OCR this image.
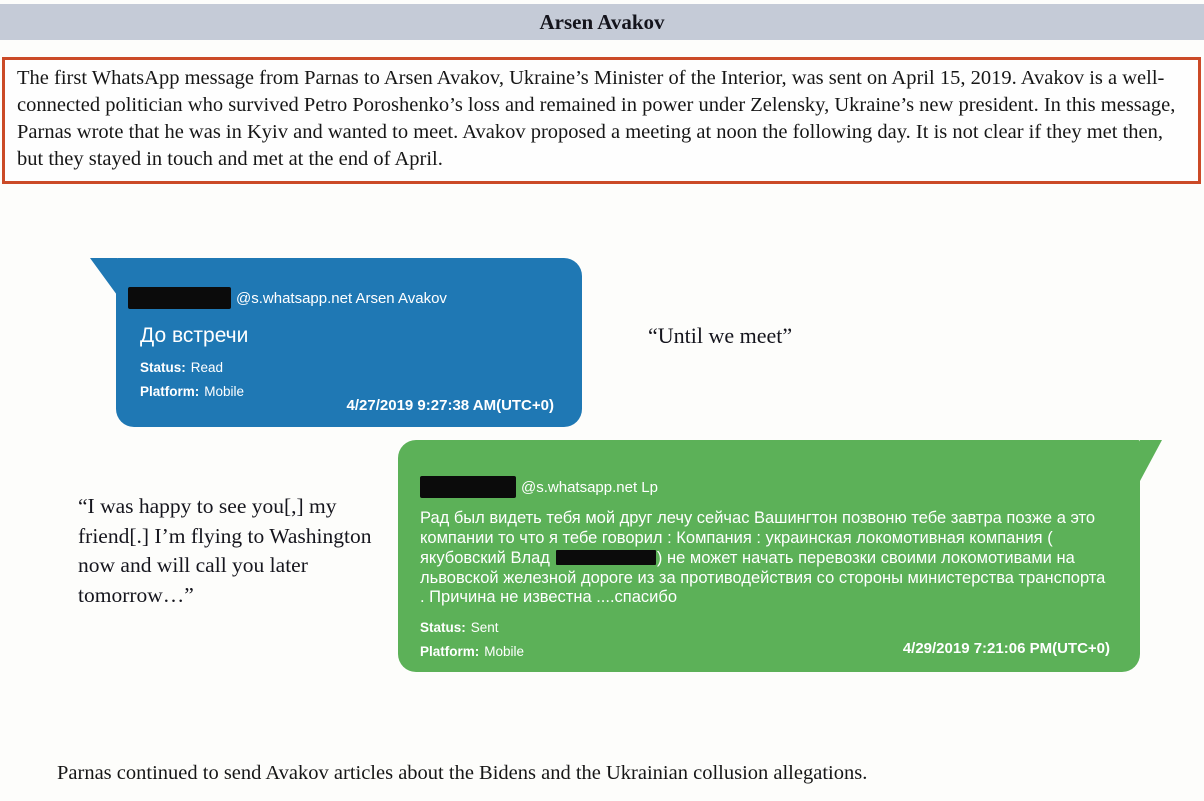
Arsen Avakov

The first WhatsApp message from Parnas to Arsen Avakov, Ukraine’s Minister of the Interior, was sent on April 15, 2019. Avakov is a well-connected politician who survived Petro Poroshenko’s loss and remained in power under Zelensky, Ukraine’s new president. In this message, Parnas wrote that he was in Kyiv and wanted to meet. Avakov proposed a meeting at noon the following day. It is not clear if they met then, but they stayed in touch and met at the end of April.

@s.whatsapp.net Arsen Avakov
До встречи
Status: Read
Platform: Mobile
4/27/2019 9:27:38 AM(UTC+0)
“Until we meet”
@s.whatsapp.net Lp
Рад был видеть тебя мой друг лечу сейчас Вашингтон позвоню тебе завтра позже а это компании то что я тебе говорил : Компания : украинская локомотивная компания ( якубовский Влад	) не может начать перевозки своими локомотивами на львовской железной дороге из за противодействия со стороны министерства транспорта . Причина не известна ....спасибо
Status: Sent
Platform: Mobile	4/29/2019 7:21:06 PM(UTC+0)
“I was happy to see you[,] my friend[.] I’m flying to Washington now and will call you later tomorrow…”
Parnas continued to send Avakov articles about the Bidens and the Ukrainian collusion allegations.
